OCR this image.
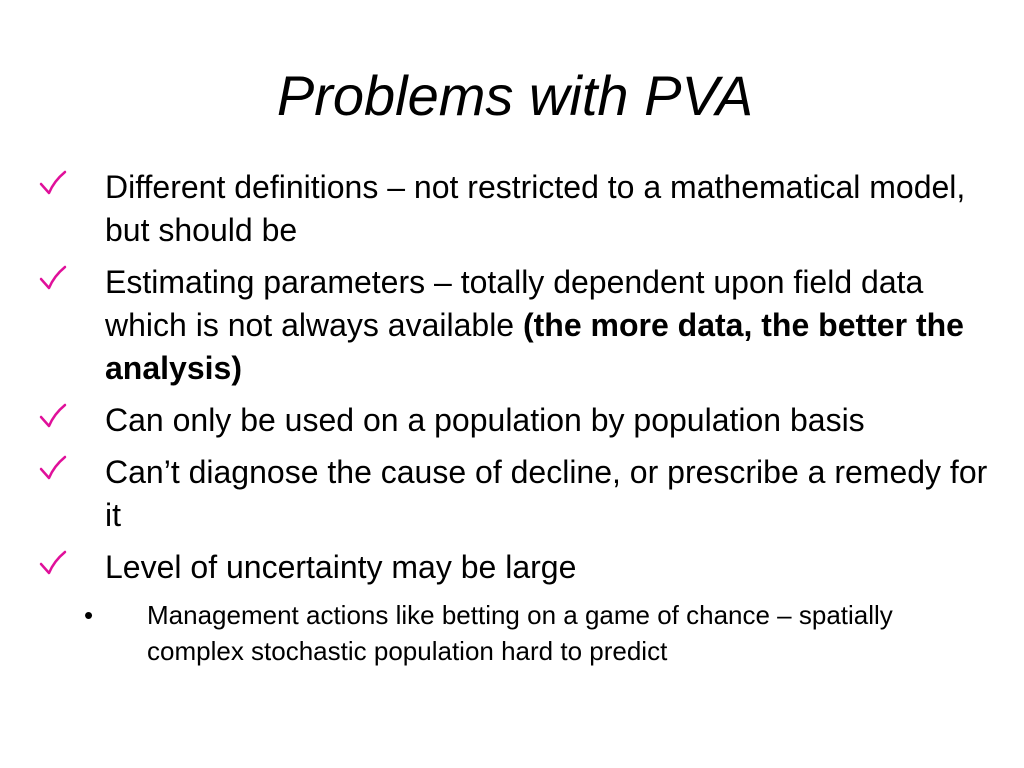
Problems with PVA
Different definitions – not restricted to a mathematical model, but should be
Estimating parameters – totally dependent upon field data which is not always available (the more data, the better the analysis)
Can only be used on a population by population basis
Can’t diagnose the cause of decline, or prescribe a remedy for it
Level of uncertainty may be large
• Management actions like betting on a game of chance – spatially complex stochastic population hard to predict
